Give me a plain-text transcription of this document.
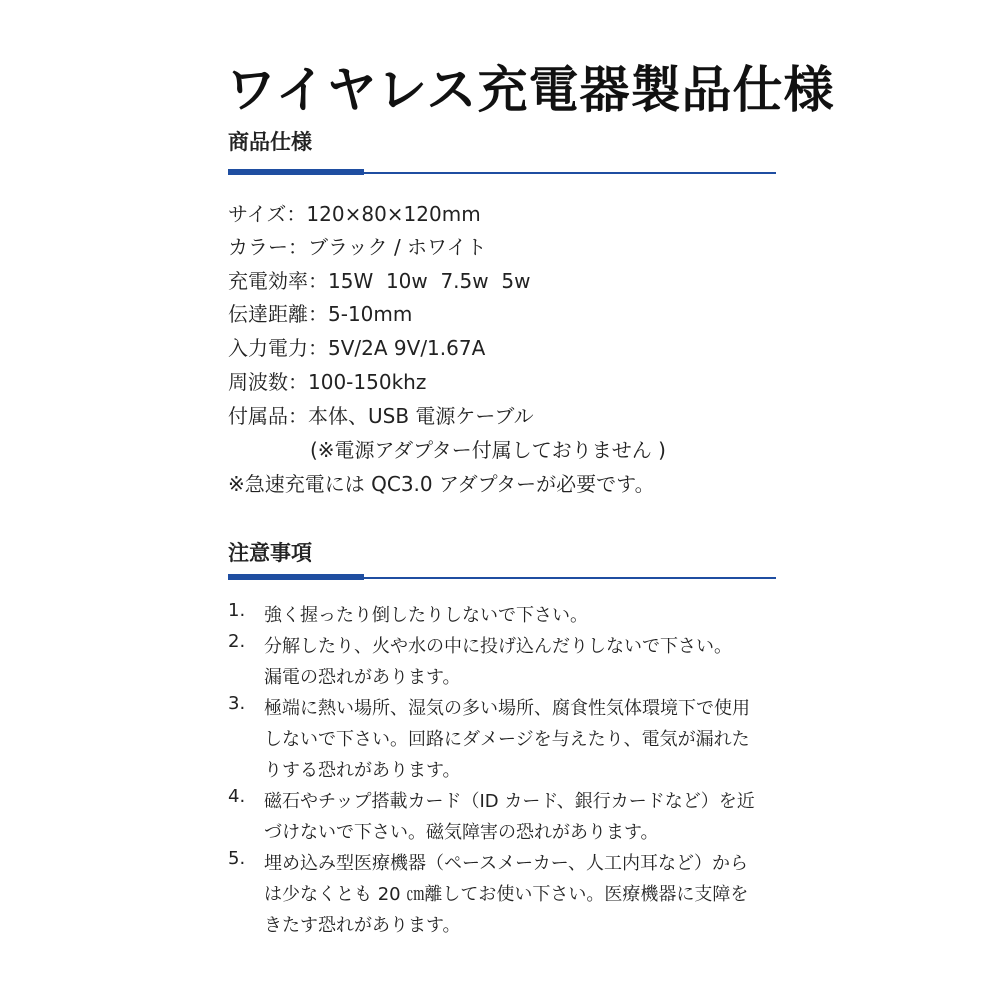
ワイヤレス充電器製品仕様
商品仕様
サイズ：120×80×120mm
カラー：ブラック / ホワイト
充電効率：15W  10w  7.5w  5w
伝達距離：5-10mm
入力電力：5V/2A 9V/1.67A
周波数：100-150khz
付属品：本体、USB 電源ケーブル
(※電源アダプター付属しておりません )
※急速充電には QC3.0 アダプターが必要です。
注意事項
1. 強く握ったり倒したりしないで下さい。
2. 分解したり、火や水の中に投げ込んだりしないで下さい。
漏電の恐れがあります。
3. 極端に熱い場所、湿気の多い場所、腐食性気体環境下で使用
しないで下さい。回路にダメージを与えたり、電気が漏れた
りする恐れがあります。
4. 磁石やチップ搭載カード（ID カード、銀行カードなど）を近
づけないで下さい。磁気障害の恐れがあります。
5. 埋め込み型医療機器（ペースメーカー、人工内耳など）から
は少なくとも 20 ㎝離してお使い下さい。医療機器に支障を
きたす恐れがあります。
